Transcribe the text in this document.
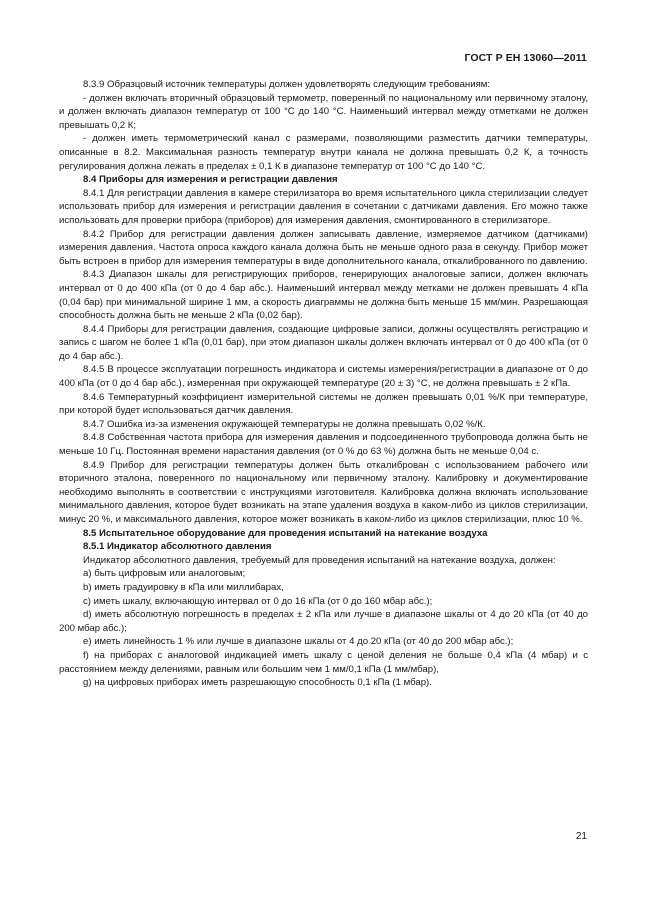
ГОСТ Р ЕН 13060—2011

8.3.9 Образцовый источник температуры должен удовлетворять следующим требованиям:

- должен включать вторичный образцовый термометр, поверенный по национальному или первичному эталону, и должен включать диапазон температур от 100 °С до 140 °С. Наименьший интервал между отметками не должен превышать 0,2 К;

- должен иметь термометрический канал с размерами, позволяющими разместить датчики температуры, описанные в 8.2. Максимальная разность температур внутри канала не должна превышать 0,2 К, а точность регулирования должна лежать в пределах ± 0,1 К в диапазоне температур от 100 °С до 140 °С.

8.4 Приборы для измерения и регистрации давления

8.4.1 Для регистрации давления в камере стерилизатора во время испытательного цикла стерилизации следует использовать прибор для измерения и регистрации давления в сочетании с датчиками давления. Его можно также использовать для проверки прибора (приборов) для измерения давления, смонтированного в стерилизаторе.

8.4.2 Прибор для регистрации давления должен записывать давление, измеряемое датчиком (датчиками) измерения давления. Частота опроса каждого канала должна быть не меньше одного раза в секунду. Прибор может быть встроен в прибор для измерения температуры в виде дополнительного канала, откалиброванного по давлению.

8.4.3 Диапазон шкалы для регистрирующих приборов, генерирующих аналоговые записи, должен включать интервал от 0 до 400 кПа (от 0 до 4 бар абс.). Наименьший интервал между метками не должен превышать 4 кПа (0,04 бар) при минимальной ширине 1 мм, а скорость диаграммы не должна быть меньше 15 мм/мин. Разрешающая способность должна быть не меньше 2 кПа (0,02 бар).

8.4.4 Приборы для регистрации давления, создающие цифровые записи, должны осуществлять регистрацию и запись с шагом не более 1 кПа (0,01 бар), при этом диапазон шкалы должен включать интервал от 0 до 400 кПа (от 0 до 4 бар абс.).

8.4.5 В процессе эксплуатации погрешность индикатора и системы измерения/регистрации в диапазоне от 0 до 400 кПа (от 0 до 4 бар абс.), измеренная при окружающей температуре (20 ± 3) °С, не должна превышать ± 2 кПа.

8.4.6 Температурный коэффициент измерительной системы не должен превышать 0,01 %/К при температуре, при которой будет использоваться датчик давления.

8.4.7 Ошибка из-за изменения окружающей температуры не должна превышать 0,02 %/К.

8.4.8 Собственная частота прибора для измерения давления и подсоединенного трубопровода должна быть не меньше 10 Гц. Постоянная времени нарастания давления (от 0 % до 63 %) должна быть не меньше 0,04 с.

8.4.9 Прибор для регистрации температуры должен быть откалиброван с использованием рабочего или вторичного эталона, поверенного по национальному или первичному эталону. Калибровку и документирование необходимо выполнять в соответствии с инструкциями изготовителя. Калибровка должна включать использование минимального давления, которое будет возникать на этапе удаления воздуха в каком-либо из циклов стерилизации, минус 20 %, и максимального давления, которое может возникать в каком-либо из циклов стерилизации, плюс 10 %.

8.5 Испытательное оборудование для проведения испытаний на натекание воздуха

8.5.1 Индикатор абсолютного давления

Индикатор абсолютного давления, требуемый для проведения испытаний на натекание воздуха, должен:

a) быть цифровым или аналоговым;

b) иметь градуировку в кПа или миллибарах,

c) иметь шкалу, включающую интервал от 0 до 16 кПа (от 0 до 160 мбар абс.);

d) иметь абсолютную погрешность в пределах ± 2 кПа или лучше в диапазоне шкалы от 4 до 20 кПа (от 40 до 200 мбар абс.);

e) иметь линейность 1 % или лучше в диапазоне шкалы от 4 до 20 кПа (от 40 до 200 мбар абс.);

f) на приборах с аналоговой индикацией иметь шкалу с ценой деления не больше 0,4 кПа (4 мбар) и с расстоянием между делениями, равным или большим чем 1 мм/0,1 кПа (1 мм/мбар),

g) на цифровых приборах иметь разрешающую способность 0,1 кПа (1 мбар).

21
